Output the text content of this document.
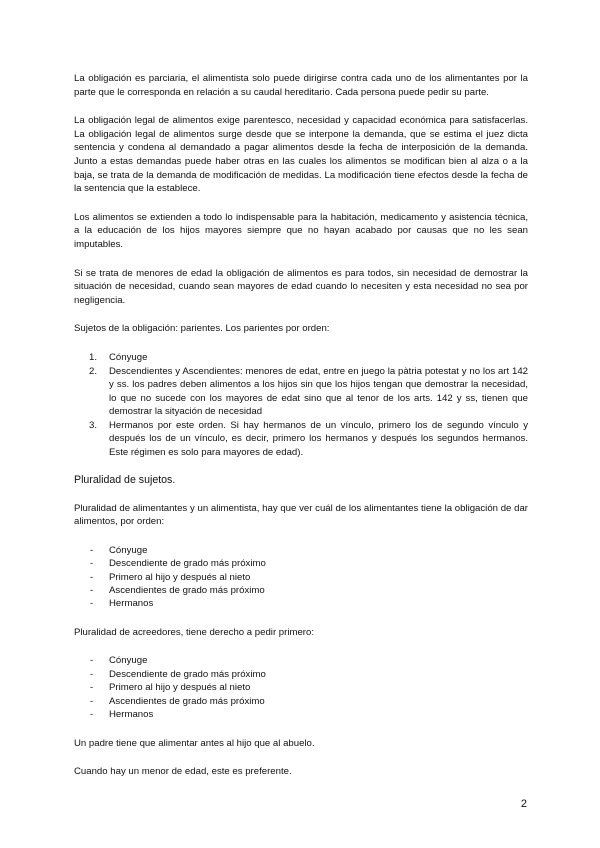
La obligación es parciaria, el alimentista solo puede dirigirse contra cada uno de los alimentantes por la parte que le corresponda en relación a su caudal hereditario. Cada persona puede pedir su parte.

La obligación legal de alimentos exige parentesco, necesidad y capacidad económica para satisfacerlas. La obligación legal de alimentos surge desde que se interpone la demanda, que se estima el juez dicta sentencia y condena al demandado a pagar alimentos desde la fecha de interposición de la demanda. Junto a estas demandas puede haber otras en las cuales los alimentos se modifican bien al alza o a la baja, se trata de la demanda de modificación de medidas. La modificación tiene efectos desde la fecha de la sentencia que la establece.

Los alimentos se extienden a todo lo indispensable para la habitación, medicamento y asistencia técnica, a la educación de los hijos mayores siempre que no hayan acabado por causas que no les sean imputables.

Si se trata de menores de edad la obligación de alimentos es para todos, sin necesidad de demostrar la situación de necesidad, cuando sean mayores de edad cuando lo necesiten y esta necesidad no sea por negligencia.

Sujetos de la obligación: parientes. Los parientes por orden:

1. Cónyuge
2. Descendientes y Ascendientes: menores de edat, entre en juego la pàtria potestat y no los art 142 y ss. los padres deben alimentos a los hijos sin que los hijos tengan que demostrar la necesidad, lo que no sucede con los mayores de edat sino que al tenor de los arts. 142 y ss, tienen que demostrar la sityación de necesidad
3. Hermanos por este orden. Si hay hermanos de un vínculo, primero los de segundo vínculo y después los de un vínculo, es decir, primero los hermanos y después los segundos hermanos. Este régimen es solo para mayores de edad).
Pluralidad de sujetos.

Pluralidad de alimentantes y un alimentista, hay que ver cuál de los alimentantes tiene la obligación de dar alimentos, por orden:

- Cónyuge
- Descendiente de grado más próximo
- Primero al hijo y después al nieto
- Ascendientes de grado más próximo
- Hermanos

Pluralidad de acreedores, tiene derecho a pedir primero:

- Cónyuge
- Descendiente de grado más próximo
- Primero al hijo y después al nieto
- Ascendientes de grado más próximo
- Hermanos

Un padre tiene que alimentar antes al hijo que al abuelo.

Cuando hay un menor de edad, este es preferente.

2
